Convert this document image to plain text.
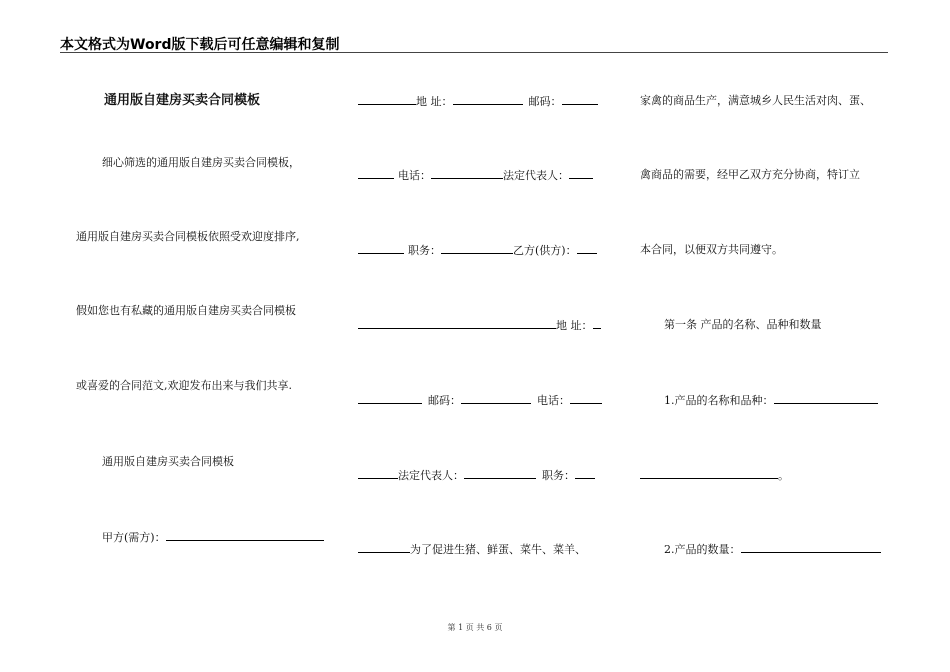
本文格式为Word版下载后可任意编辑和复制
通用版自建房买卖合同模板
细心筛选的通用版自建房买卖合同模板，
通用版自建房买卖合同模板依照受欢迎度排序,
假如您也有私藏的通用版自建房买卖合同模板
或喜爱的合同范文,欢迎发布出来与我们共享.
通用版自建房买卖合同模板
甲方(需方)：
地 址：	邮码：
电话：	法定代表人：
职务：	乙方(供方)：
地 址：
邮码：	电话：
法定代表人：	职务：
为了促进生猪、鲜蛋、菜牛、菜羊、
家禽的商品生产，满意城乡人民生活对肉、蛋、
禽商品的需要，经甲乙双方充分协商，特订立
本合同，以便双方共同遵守。
第一条 产品的名称、品种和数量
1.产品的名称和品种：
。
2.产品的数量：
第 1 页 共 6 页
